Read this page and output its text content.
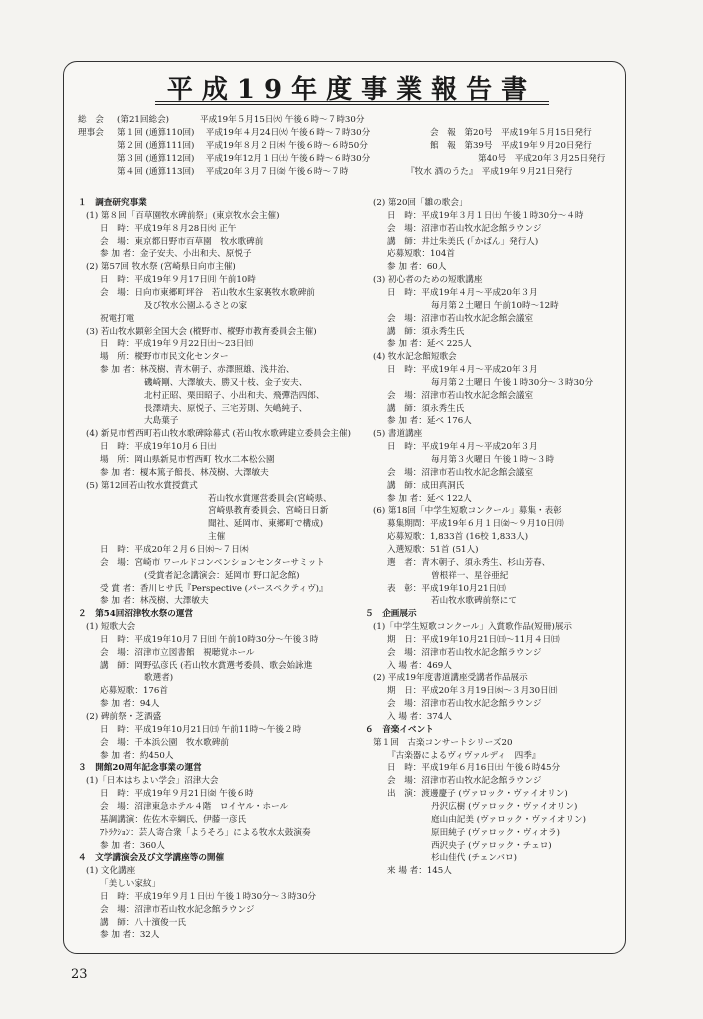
平成19年度事業報告書
総　会 (第21回総会)	平成19年５月15日㈫ 午後６時〜７時30分
理事会 第１回 (通算110回)　 平成19年４月24日㈫ 午後６時〜７時30分
第２回 (通算111回)　 平成19年８月２日㈭ 午後６時〜６時50分
第３回 (通算112回)　 平成19年12月１日㈯ 午後６時〜６時30分
第４回 (通算113回)　 平成20年３月７日㈮ 午後６時〜７時
会　報　第20号　平成19年５月15日発行
館　報　第39号　平成19年９月20日発行
第40号　平成20年３月25日発行
『牧水 酒のうた』　平成19年９月21日発行
１　調査研究事業
(1) 第８回「百草園牧水碑前祭」(東京牧水会主催)
日　時：平成19年８月28日㈫ 正午
会　場：東京都日野市百草園　牧水歌碑前
参 加 者：金子安夫、小出和夫、原悦子
(2) 第57回 牧水祭 (宮崎県日向市主催)
日　時：平成19年９月17日㈪ 午前10時
会　場：日向市東郷町坪谷　若山牧水生家裏牧水歌碑前
及び牧水公園ふるさとの家
祝電打電
(3) 若山牧水顕彰全国大会 (樅野市、樅野市教育委員会主催)
日　時：平成19年９月22日㈯〜23日㈰
場　所：樅野市市民文化センター
参 加 者：林茂樹、青木朝子、赤澤照雄、浅井治、
磯崎剛、大澤敏夫、勝又十枝、金子安夫、
北村正昭、栗田昭子、小出和夫、飛彈浩四郎、
長澤靖夫、原悦子、三宅芳則、矢嶋純子、
大島葉子
(4) 新見市哲西町若山牧水歌碑除幕式 (若山牧水歌碑建立委員会主催)
日　時：平成19年10月６日㈯
場　所：岡山県新見市哲西町 牧水二本松公園
参 加 者：榎本篤子館長、林茂樹、大澤敏夫
(5) 第12回若山牧水賞授賞式
若山牧水賞運営委員会(宮崎県、
宮崎県教育委員会、宮崎日日新
聞社、延岡市、東郷町で構成)
主催
日　時：平成20年２月６日㈬〜７日㈭
会　場：宮崎市 ワールドコンベンションセンターサミット
(受賞者記念講演会：延岡市 野口記念館)
受 賞 者：香川ヒサ氏『Perspective (パースペクティヴ)』
参 加 者：林茂樹、大澤敏夫
２　第54回沼津牧水祭の運営
(1) 短歌大会
日　時：平成19年10月７日㈰ 午前10時30分〜午後３時
会　場：沼津市立図書館　視聴覚ホール
講　師：岡野弘彦氏 (若山牧水賞選考委員、歌会始詠進
歌選者)
応募短歌：176首
参 加 者：94人
(2) 碑前祭・芝酒盛
日　時：平成19年10月21日㈰ 午前11時〜午後２時
会　場：千本浜公園　牧水歌碑前
参 加 者：約450人
３　開館20周年記念事業の運営
(1)「日本はちよい学会」沼津大会
日　時：平成19年９月21日㈮ 午後６時
会　場：沼津東急ホテル４階　ロイヤル・ホール
基調講演：佐佐木幸綱氏、伊藤一彦氏
ｱﾄﾗｸｼｮﾝ：芸人寄合衆「ようそろ」による牧水太鼓演奏
参 加 者：360人
４　文学講演会及び文学講座等の開催
(1) 文化講座
「美しい家紋」
日　時：平成19年９月１日㈯ 午後１時30分〜３時30分
会　場：沼津市若山牧水記念館ラウンジ
講　師：八十濱俊一氏
参 加 者：32人
(2) 第20回「雛の歌会」
日　時：平成19年３月１日㈯ 午後１時30分〜４時
会　場：沼津市若山牧水記念館ラウンジ
講　師：井辻朱美氏 (「かばん」発行人)
応募短歌：104首
参 加 者：60人
(3) 初心者のための短歌講座
日　時：平成19年４月〜平成20年３月
毎月第２土曜日 午前10時〜12時
会　場：沼津市若山牧水記念館会議室
講　師：須永秀生氏
参 加 者：延べ 225人
(4) 牧水記念館短歌会
日　時：平成19年４月〜平成20年３月
毎月第２土曜日 午後１時30分〜３時30分
会　場：沼津市若山牧水記念館会議室
講　師：須永秀生氏
参 加 者：延べ 176人
(5) 書道講座
日　時：平成19年４月〜平成20年３月
毎月第３火曜日 午後１時〜３時
会　場：沼津市若山牧水記念館会議室
講　師：成田真洞氏
参 加 者：延べ 122人
(6) 第18回「中学生短歌コンクール」募集・表彰
募集期間：平成19年６月１日㈮〜９月10日㈪
応募短歌：1,833首 (16校 1,833人)
入選短歌：51首 (51人)
選　者：青木朝子、須永秀生、杉山芳春、
曽根祥一、星谷亜紀
表　彰：平成19年10月21日㈰
若山牧水歌碑前祭にて
５　企画展示
(1)「中学生短歌コンクール」入賞歌作品(短冊)展示
期　日：平成19年10月21日㈰〜11月４日㈰
会　場：沼津市若山牧水記念館ラウンジ
入 場 者：469人
(2) 平成19年度書道講座受講者作品展示
期　日：平成20年３月19日㈬〜３月30日㈰
会　場：沼津市若山牧水記念館ラウンジ
入 場 者：374人
６　音楽イベント
第１回　古楽コンサートシリーズ20
『古楽器によるヴィヴァルディ　四季』
日　時：平成19年６月16日㈯ 午後６時45分
会　場：沼津市若山牧水記念館ラウンジ
出　演：渡邊慶子 (ヴァロック・ヴァイオリン)
丹沢広樹 (ヴァロック・ヴァイオリン)
庭山由記美 (ヴァロック・ヴァイオリン)
原田純子 (ヴァロック・ヴィオラ)
西沢央子 (ヴァロック・チェロ)
杉山佳代 (チェンバロ)
来 場 者：145人
23
